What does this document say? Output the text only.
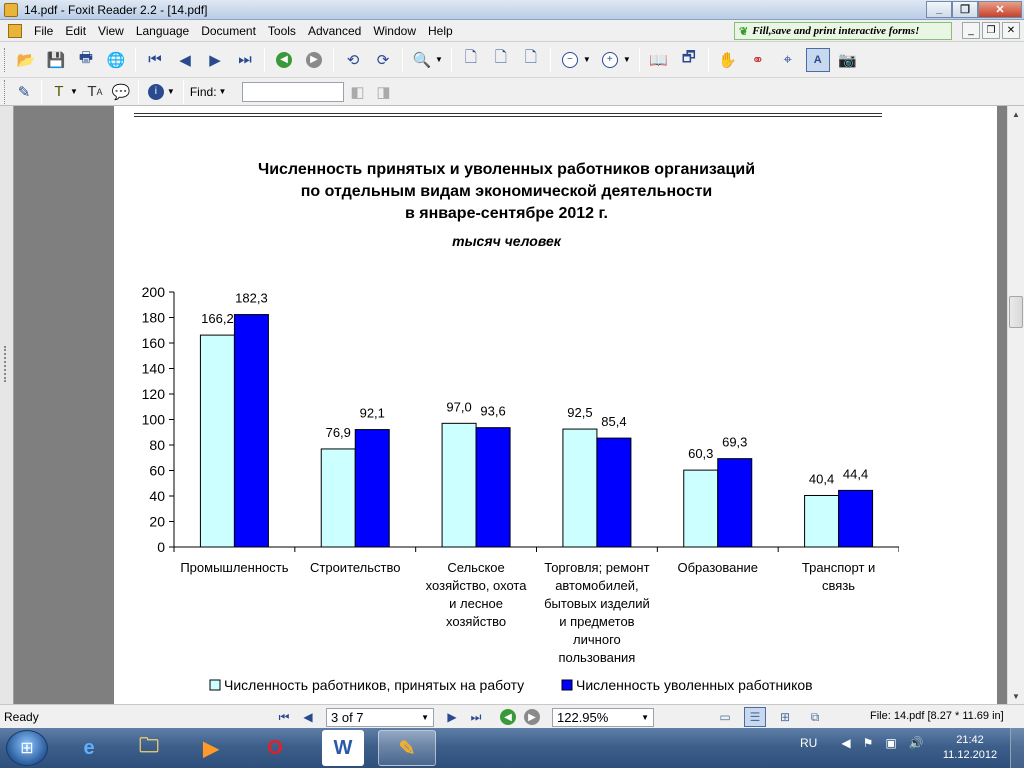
14.pdf - Foxit Reader 2.2 - [14.pdf]	_	❐	✕
File	Edit	View	Language	Document	Tools	Advanced	Window	Help	❦ Fill,save and print interactive forms!	_	❐	✕
📂 💾 🖶 🌐	⏮	◀	▶	⏭	◀	▶	⟲	⟳	🔍 ▼	🗋	🗋	🗋	−	▼	+	▼ 📖 🗗	✋ ⚭	⌖	A	📷
✎	T ▼ T A 💬	i	▼ Find: ▼	◧ ◨
Численность принятых и уволенных работников организаций
по отдельным видам экономической деятельности
в январе-сентябре 2012 г.
тысяч человек
0
20
40
60
80
100
120
140
160
180
200
166,2
182,3
Промышленность
76,9
92,1
Строительство
97,0 93,6
Сельское
хозяйство, охота
и лесное
хозяйство
92,5
85,4
Торговля; ремонт
автомобилей,
бытовых изделий
и предметов
личного
пользования
60,3
69,3
Образование
40,4 44,4
Транспорт и
связь
Численность работников, принятых на работу	Численность уволенных работников
▲
▼
Ready	⏮	◀	3 of 7	▼	▶	⏭	◀	▶	122.95%	▼	▭	☰	⊞	⧉	File: 14.pdf [8.27 * 11.69 in]
⊞	e	🗀	▶	O	W	✎	RU ◀ ⚑ ▣ 🔊	21:42
11.12.2012
